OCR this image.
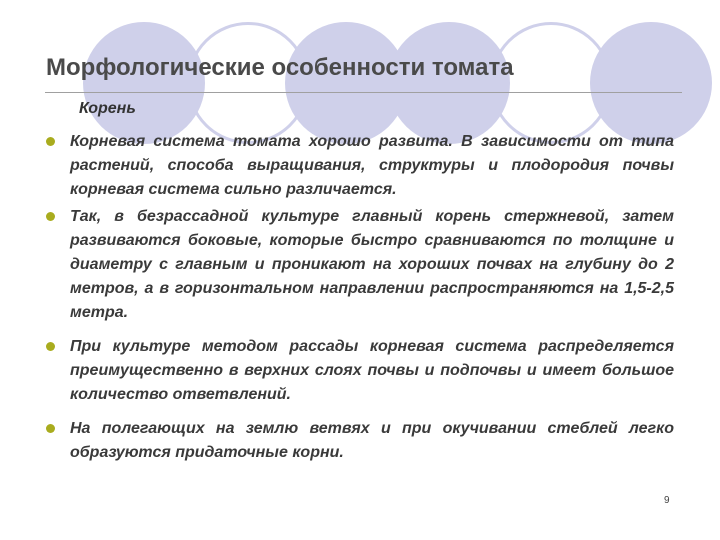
Морфологические особенности томата
Корень
Корневая система томата хорошо развита. В зависимости от типа растений, способа выращивания, структуры и плодородия почвы корневая система сильно различается.
Так, в безрассадной культуре главный корень стержневой, затем развиваются боковые, которые быстро сравниваются по толщине и диаметру с главным и проникают на хороших почвах на глубину до 2 метров, а в горизонтальном направлении распространяются на 1,5-2,5 метра.
При культуре методом рассады корневая система распределяется преимущественно в верхних слоях почвы и подпочвы и имеет большое количество ответвлений.
На полегающих на землю ветвях и при окучивании стеблей легко образуются придаточные корни.
9
